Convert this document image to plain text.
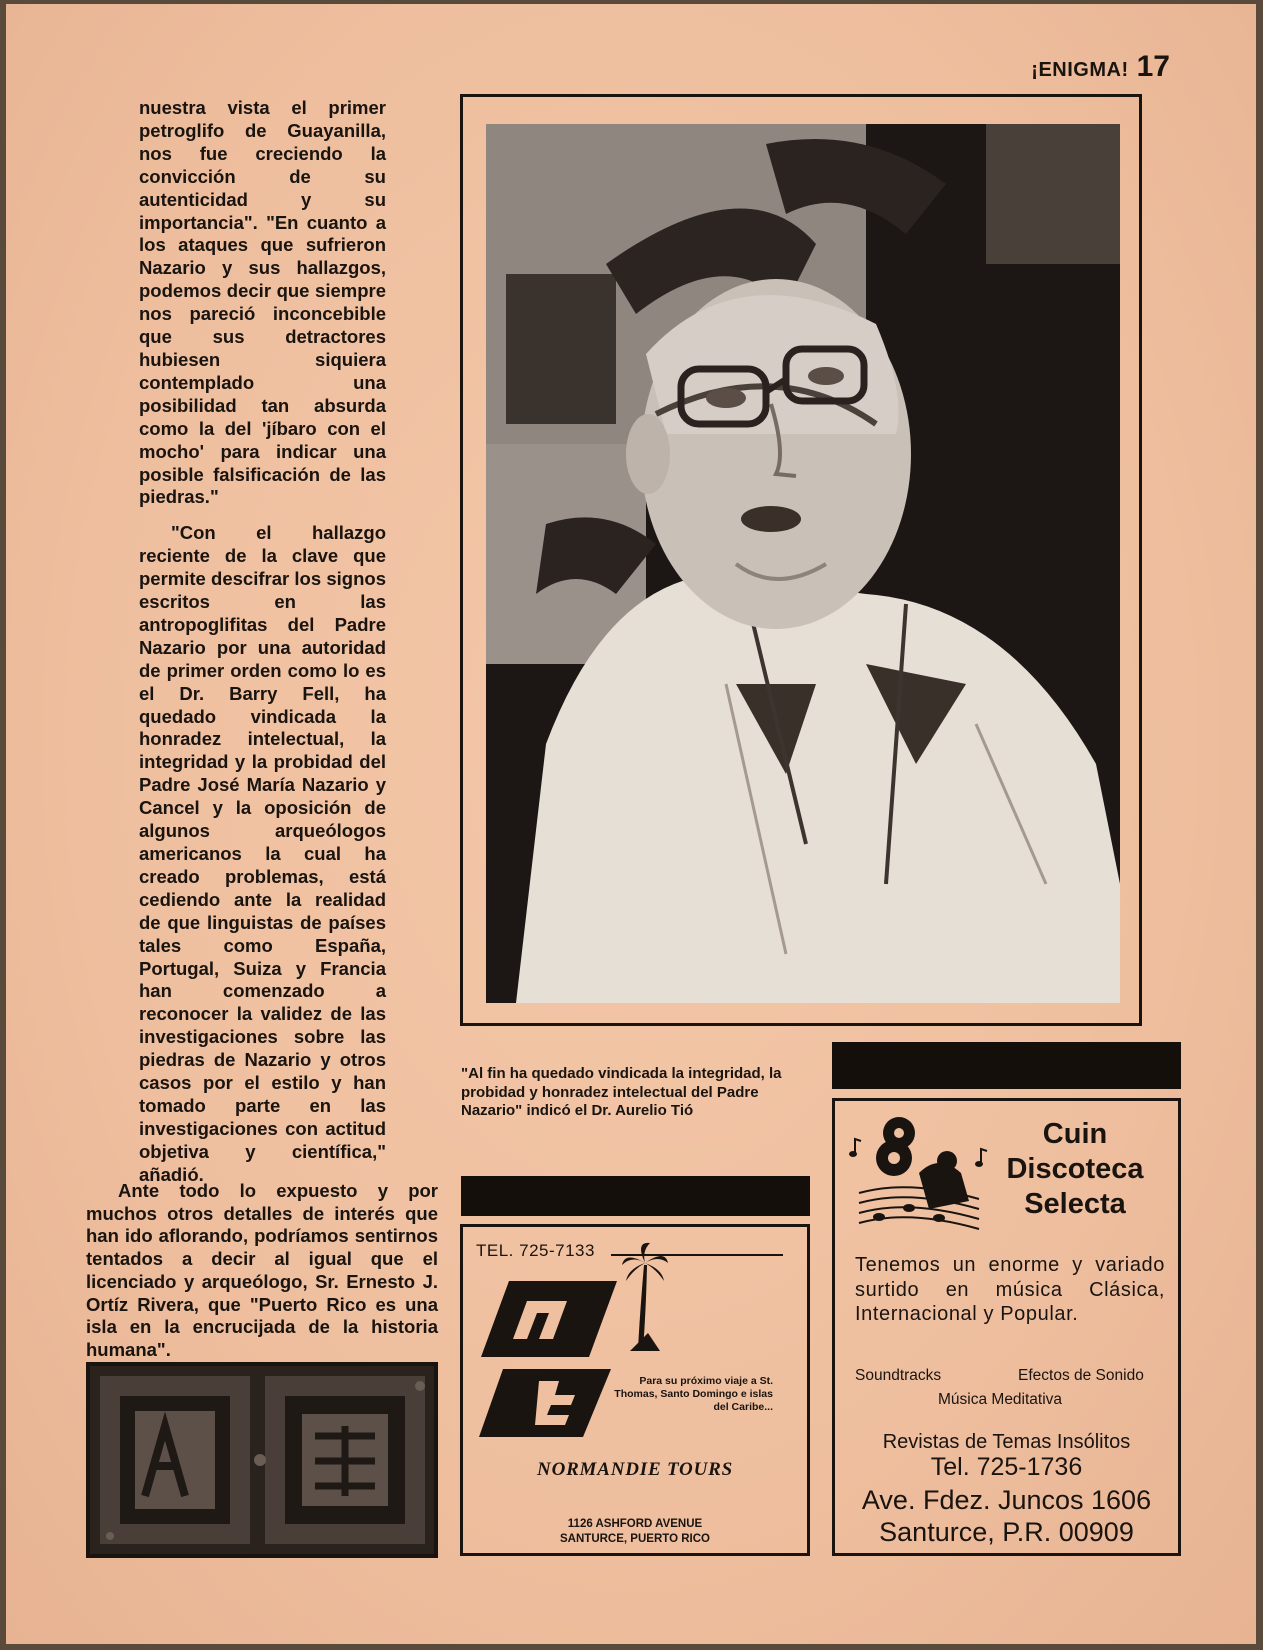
¡ENIGMA! 17

nuestra vista el primer petroglifo de Guayanilla, nos fue creciendo la convicción de su autenticidad y su importancia". "En cuanto a los ataques que sufrieron Nazario y sus hallazgos, podemos decir que siempre nos pareció inconcebible que sus detractores hubiesen siquiera contemplado una posibilidad tan absurda como la del 'jíbaro con el mocho' para indicar una posible falsificación de las piedras."

"Con el hallazgo reciente de la clave que permite descifrar los signos escritos en las antropoglifitas del Padre Nazario por una autoridad de primer orden como lo es el Dr. Barry Fell, ha quedado vindicada la honradez intelectual, la integridad y la probidad del Padre José María Nazario y Cancel y la oposición de algunos arqueólogos americanos la cual ha creado problemas, está cediendo ante la realidad de que linguistas de países tales como España, Portugal, Suiza y Francia han comenzado a reconocer la validez de las investigaciones sobre las piedras de Nazario y otros casos por el estilo y han tomado parte en las investigaciones con actitud objetiva y científica," añadió.

Ante todo lo expuesto y por muchos otros detalles de interés que han ido aflorando, podríamos sentirnos tentados a decir al igual que el licenciado y arqueólogo, Sr. Ernesto J. Ortíz Rivera, que "Puerto Rico es una isla en la encrucijada de la historia humana".

"Al fin ha quedado vindicada la integridad, la probidad y honradez intelectual del Padre Nazario" indicó el Dr. Aurelio Tió

TEL. 725-7133

Para su próximo viaje a St. Thomas, Santo Domingo e islas del Caribe...

NORMANDIE TOURS
1126 ASHFORD AVENUE
SANTURCE, PUERTO RICO
Cuin
Discoteca
Selecta

Tenemos un enorme y variado surtido en música Clásica, Internacional y Popular.

Soundtracks	Efectos de Sonido
Música Meditativa
Revistas de Temas Insólitos
Tel. 725-1736
Ave. Fdez. Juncos 1606
Santurce, P.R. 00909
